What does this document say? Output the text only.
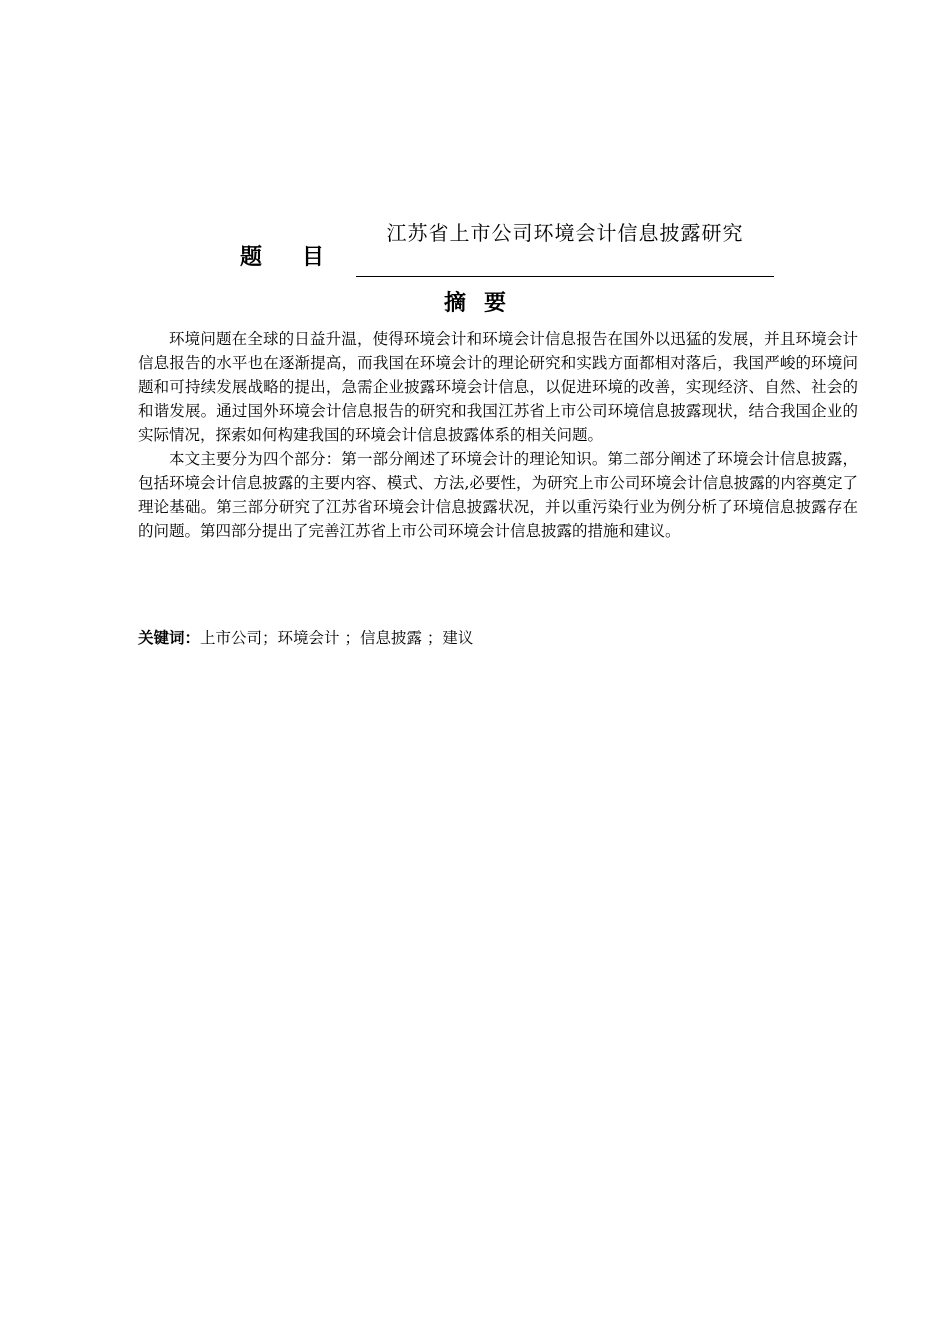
题目
江苏省上市公司环境会计信息披露研究
摘要

环境问题在全球的日益升温，使得环境会计和环境会计信息报告在国外以迅猛的发展，并且环境会计信息报告的水平也在逐渐提高，而我国在环境会计的理论研究和实践方面都相对落后，我国严峻的环境问题和可持续发展战略的提出，急需企业披露环境会计信息，以促进环境的改善，实现经济、自然、社会的和谐发展。通过国外环境会计信息报告的研究和我国江苏省上市公司环境信息披露现状，结合我国企业的实际情况，探索如何构建我国的环境会计信息披露体系的相关问题。

本文主要分为四个部分：第一部分阐述了环境会计的理论知识。第二部分阐述了环境会计信息披露，包括环境会计信息披露的主要内容、模式、方法,必要性，为研究上市公司环境会计信息披露的内容奠定了理论基础。第三部分研究了江苏省环境会计信息披露状况，并以重污染行业为例分析了环境信息披露存在的问题。第四部分提出了完善江苏省上市公司环境会计信息披露的措施和建议。

关键词：上市公司；环境会计 ；信息披露 ；建议
